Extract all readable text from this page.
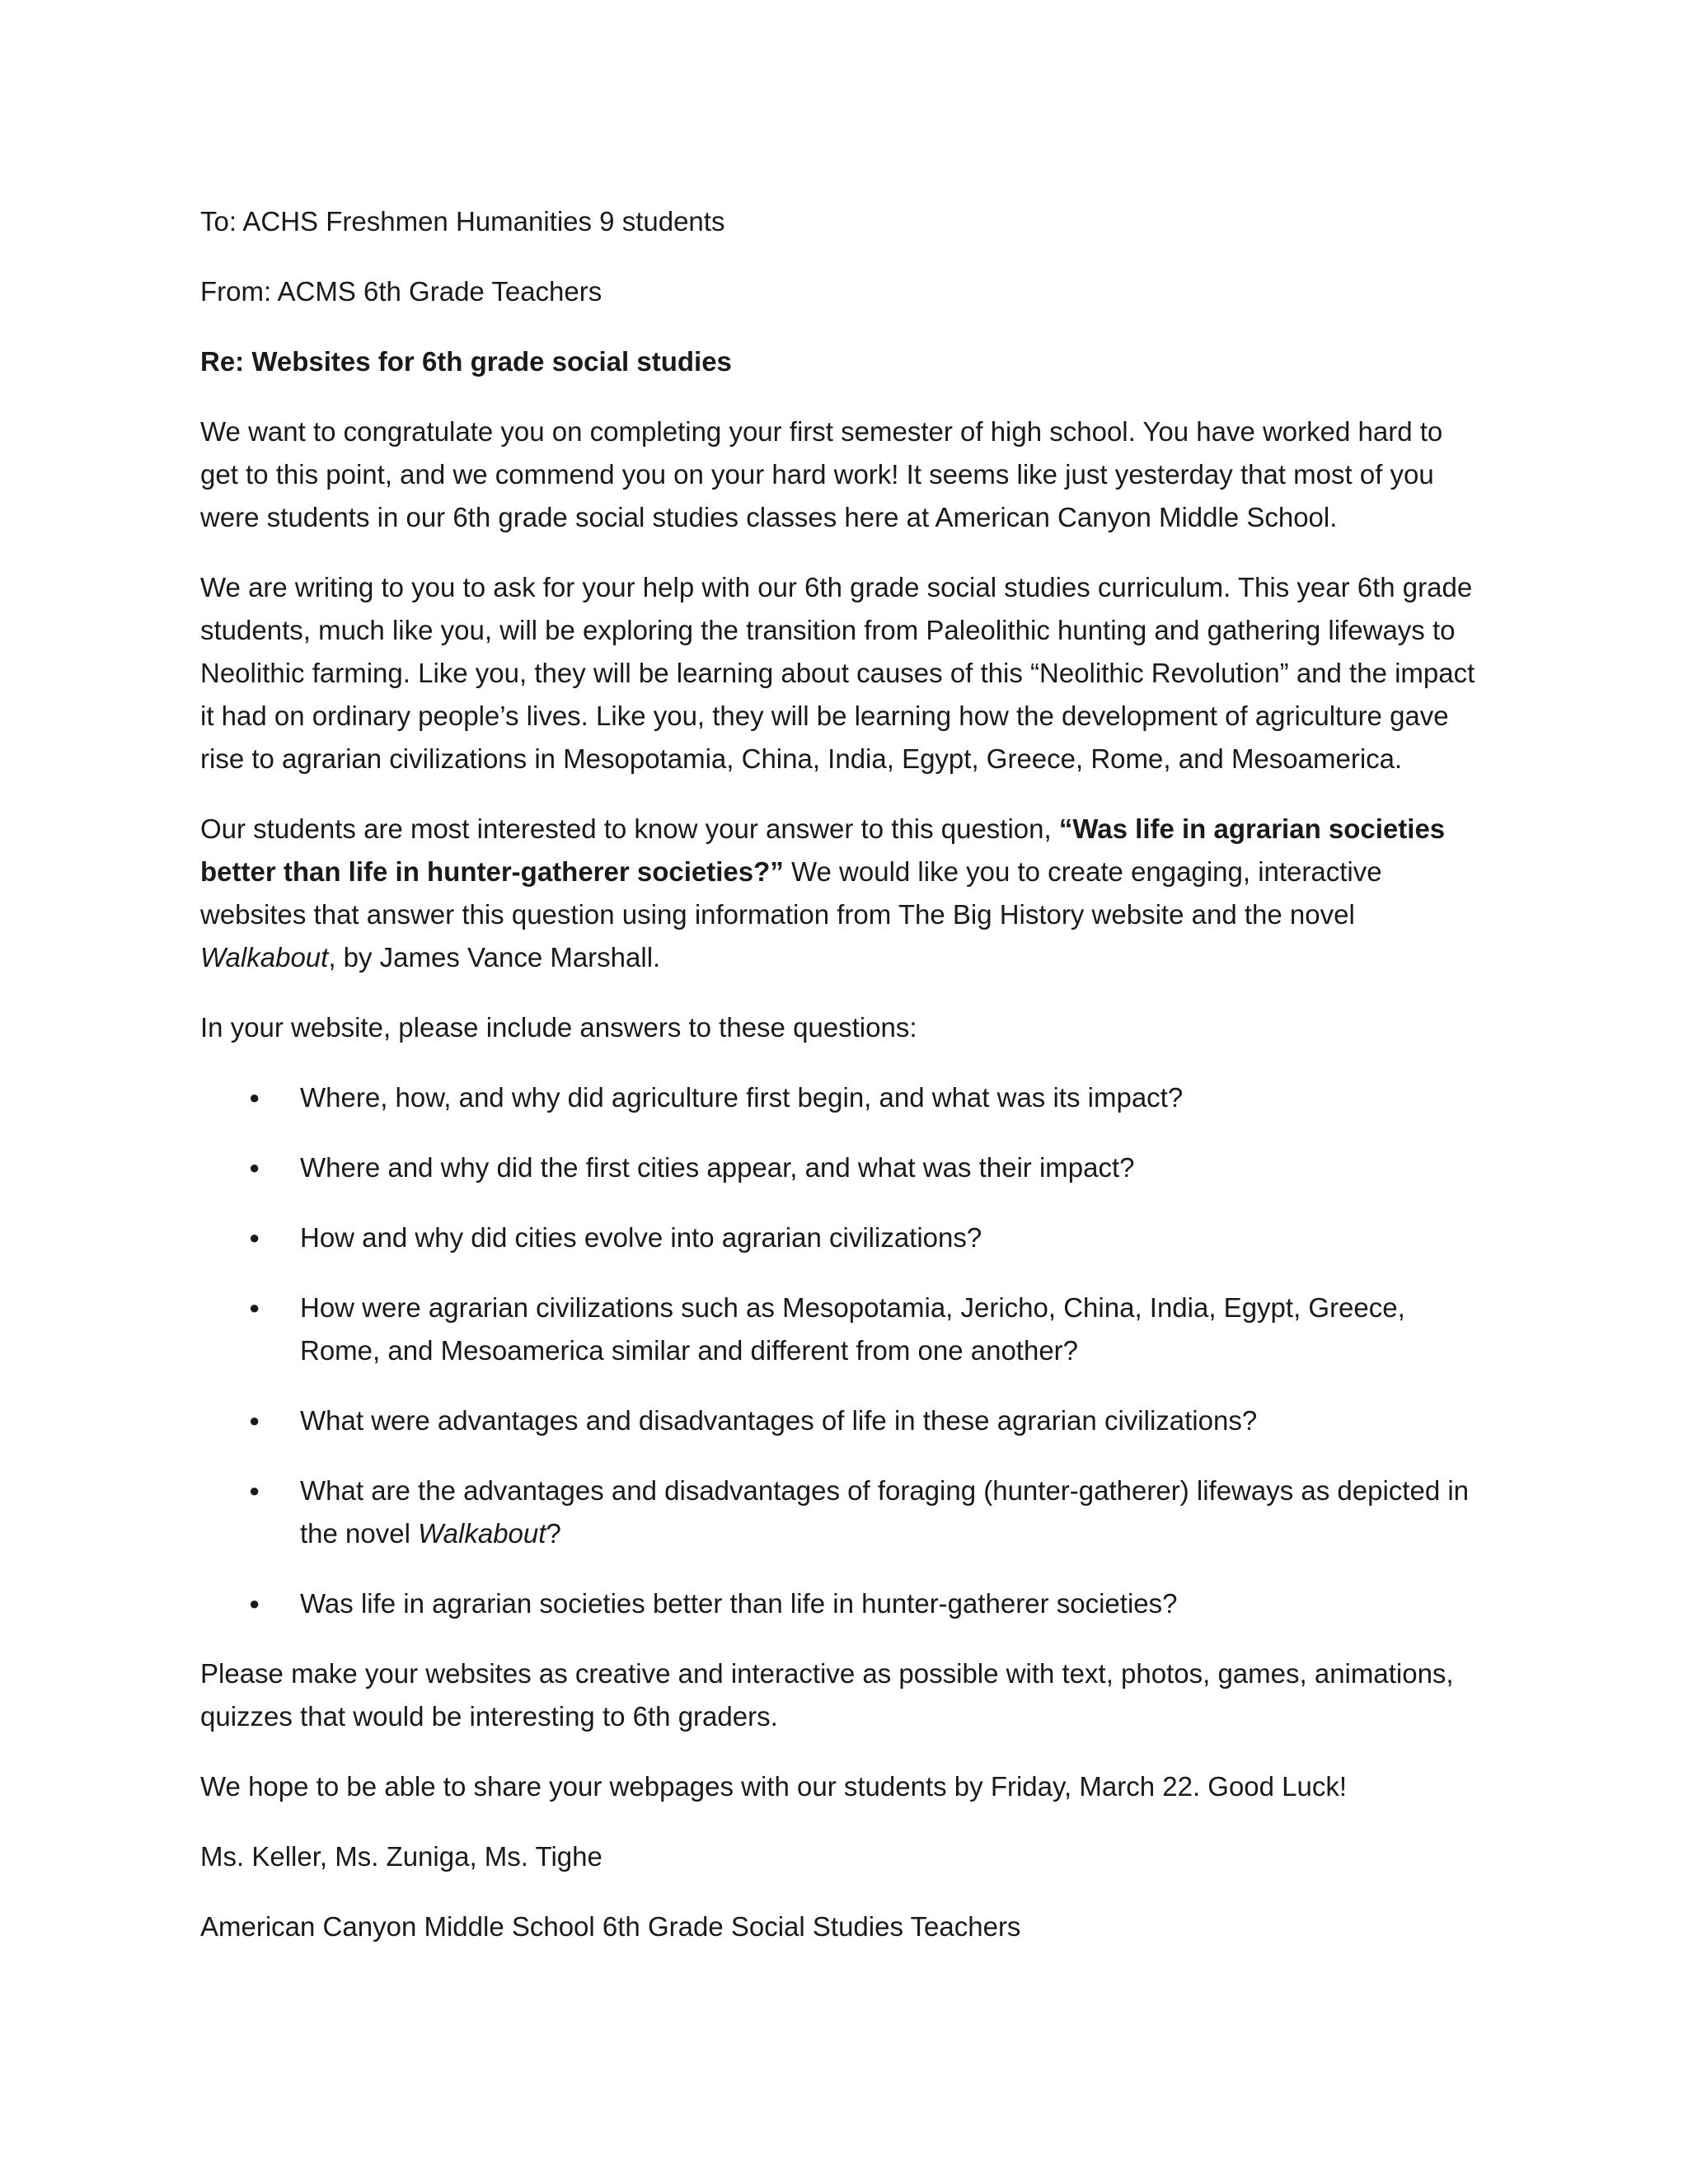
To: ACHS Freshmen Humanities 9 students

From: ACMS 6th Grade Teachers

Re: Websites for 6th grade social studies

We want to congratulate you on completing your first semester of high school. You have worked hard to get to this point, and we commend you on your hard work! It seems like just yesterday that most of you were students in our 6th grade social studies classes here at American Canyon Middle School.

We are writing to you to ask for your help with our 6th grade social studies curriculum. This year 6th grade students, much like you, will be exploring the transition from Paleolithic hunting and gathering lifeways to Neolithic farming. Like you, they will be learning about causes of this “Neolithic Revolution” and the impact it had on ordinary people’s lives. Like you, they will be learning how the development of agriculture gave rise to agrarian civilizations in Mesopotamia, China, India, Egypt, Greece, Rome, and Mesoamerica.

Our students are most interested to know your answer to this question, “Was life in agrarian societies better than life in hunter-gatherer societies?” We would like you to create engaging, interactive websites that answer this question using information from The Big History website and the novel Walkabout, by James Vance Marshall.

In your website, please include answers to these questions:

● Where, how, and why did agriculture first begin, and what was its impact?
● Where and why did the first cities appear, and what was their impact?
● How and why did cities evolve into agrarian civilizations?
● How were agrarian civilizations such as Mesopotamia, Jericho, China, India, Egypt, Greece, Rome, and Mesoamerica similar and different from one another?
● What were advantages and disadvantages of life in these agrarian civilizations?
● What are the advantages and disadvantages of foraging (hunter-gatherer) lifeways as depicted in the novel Walkabout?
● Was life in agrarian societies better than life in hunter-gatherer societies?

Please make your websites as creative and interactive as possible with text, photos, games, animations, quizzes that would be interesting to 6th graders.

We hope to be able to share your webpages with our students by Friday, March 22. Good Luck!

Ms. Keller, Ms. Zuniga, Ms. Tighe

American Canyon Middle School 6th Grade Social Studies Teachers
